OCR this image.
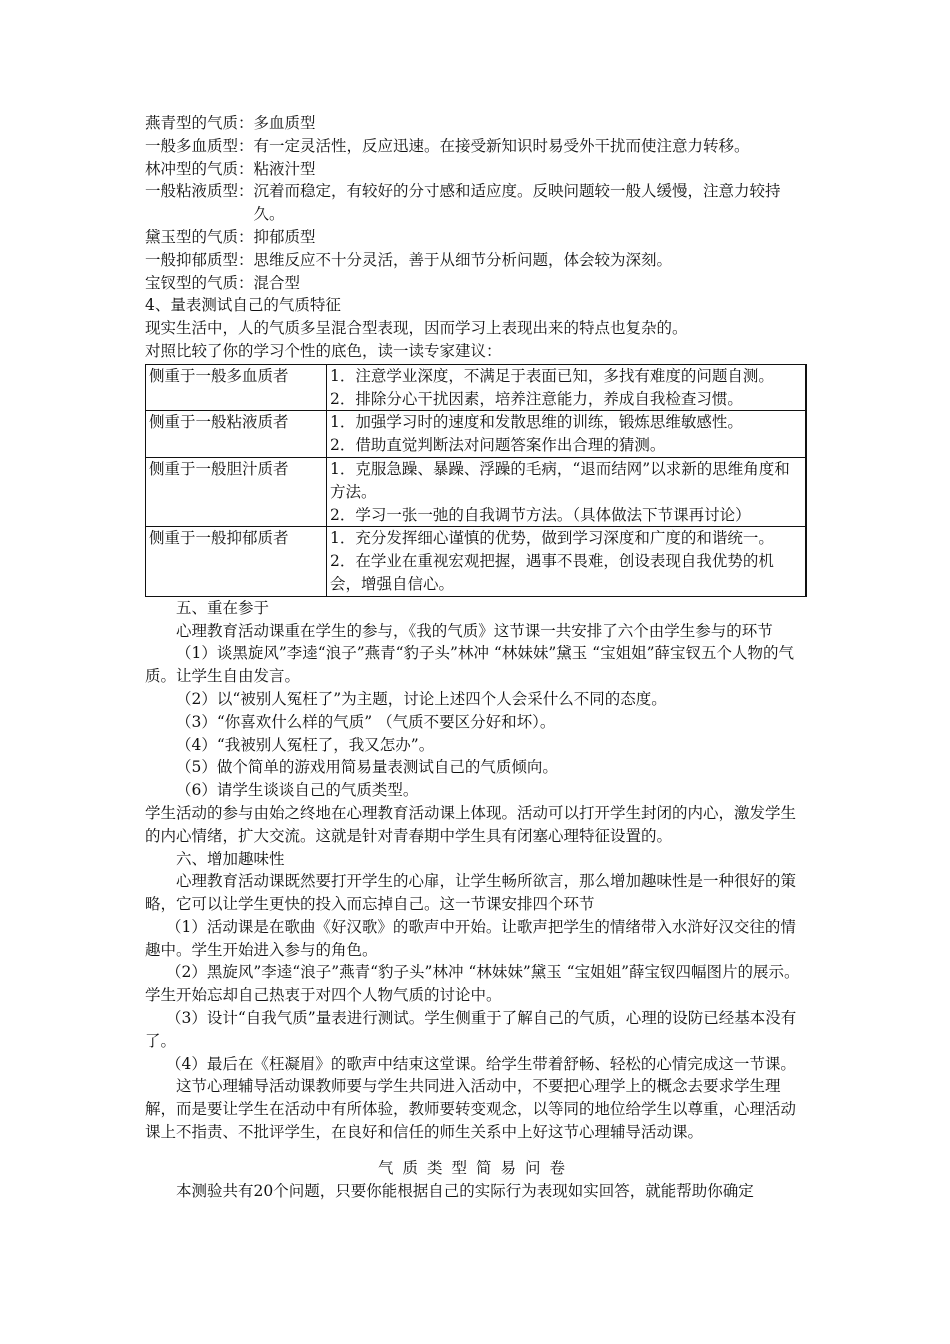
燕青型的气质：多血质型
一般多血质型： 有一定灵活性，反应迅速。在接受新知识时易受外干扰而使注意力转移。
林冲型的气质：粘液汁型
一般粘液质型： 沉着而稳定，有较好的分寸感和适应度。反映问题较一般人缓慢，注意力较持久。
黛玉型的气质：抑郁质型
一般抑郁质型： 思维反应不十分灵活，善于从细节分析问题，体会较为深刻。
宝钗型的气质：混合型
4、量表测试自己的气质特征
现实生活中，人的气质多呈混合型表现，因而学习上表现出来的特点也复杂的。
对照比较了你的学习个性的底色，读一读专家建议：
侧重于一般多血质者	1．注意学业深度，不满足于表面已知，多找有难度的问题自测。
2．排除分心干扰因素，培养注意能力，养成自我检查习惯。

侧重于一般粘液质者	1．加强学习时的速度和发散思维的训练，锻炼思维敏感性。
2．借助直觉判断法对问题答案作出合理的猜测。

侧重于一般胆汁质者	1．克服急躁、暴躁、浮躁的毛病，“退而结网”以求新的思维角度和方法。
2．学习一张一弛的自我调节方法。（具体做法下节课再讨论）

侧重于一般抑郁质者	1．充分发挥细心谨慎的优势，做到学习深度和广度的和谐统一。
2．在学业在重视宏观把握，遇事不畏难，创设表现自我优势的机会，增强自信心。
五、重在参于
心理教育活动课重在学生的参与，《我的气质》这节课一共安排了六个由学生参与的环节
（1）谈黑旋风”李逵“浪子”燕青“豹子头”林冲 “林妹妹”黛玉 “宝姐姐”薛宝钗五个人物的气质。让学生自由发言。
（2）以“被别人冤枉了”为主题，讨论上述四个人会采什么不同的态度。
（3）“你喜欢什么样的气质” （气质不要区分好和坏）。
（4）“我被别人冤枉了，我又怎办”。
（5）做个简单的游戏用简易量表测试自己的气质倾向。
（6）请学生谈谈自己的气质类型。
学生活动的参与由始之终地在心理教育活动课上体现。活动可以打开学生封闭的内心，激发学生的内心情绪，扩大交流。这就是针对青春期中学生具有闭塞心理特征设置的。
六、增加趣味性
心理教育活动课既然要打开学生的心扉，让学生畅所欲言，那么增加趣味性是一种很好的策略，它可以让学生更快的投入而忘掉自己。这一节课安排四个环节
（1）活动课是在歌曲《好汉歌》的歌声中开始。让歌声把学生的情绪带入水浒好汉交往的情趣中。学生开始进入参与的角色。
（2）黑旋风”李逵“浪子”燕青“豹子头”林冲 “林妹妹”黛玉 “宝姐姐”薛宝钗四幅图片的展示。学生开始忘却自己热衷于对四个人物气质的讨论中。
（3）设计“自我气质”量表进行测试。学生侧重于了解自己的气质，心理的设防已经基本没有了。
（4）最后在《枉凝眉》的歌声中结束这堂课。给学生带着舒畅、轻松的心情完成这一节课。
这节心理辅导活动课教师要与学生共同进入活动中，不要把心理学上的概念去要求学生理解，而是要让学生在活动中有所体验，教师要转变观念，以等同的地位给学生以尊重，心理活动课上不指责、不批评学生，在良好和信任的师生关系中上好这节心理辅导活动课。
气质类型简易问卷
本测验共有20个问题，只要你能根据自己的实际行为表现如实回答，就能帮助你确定
